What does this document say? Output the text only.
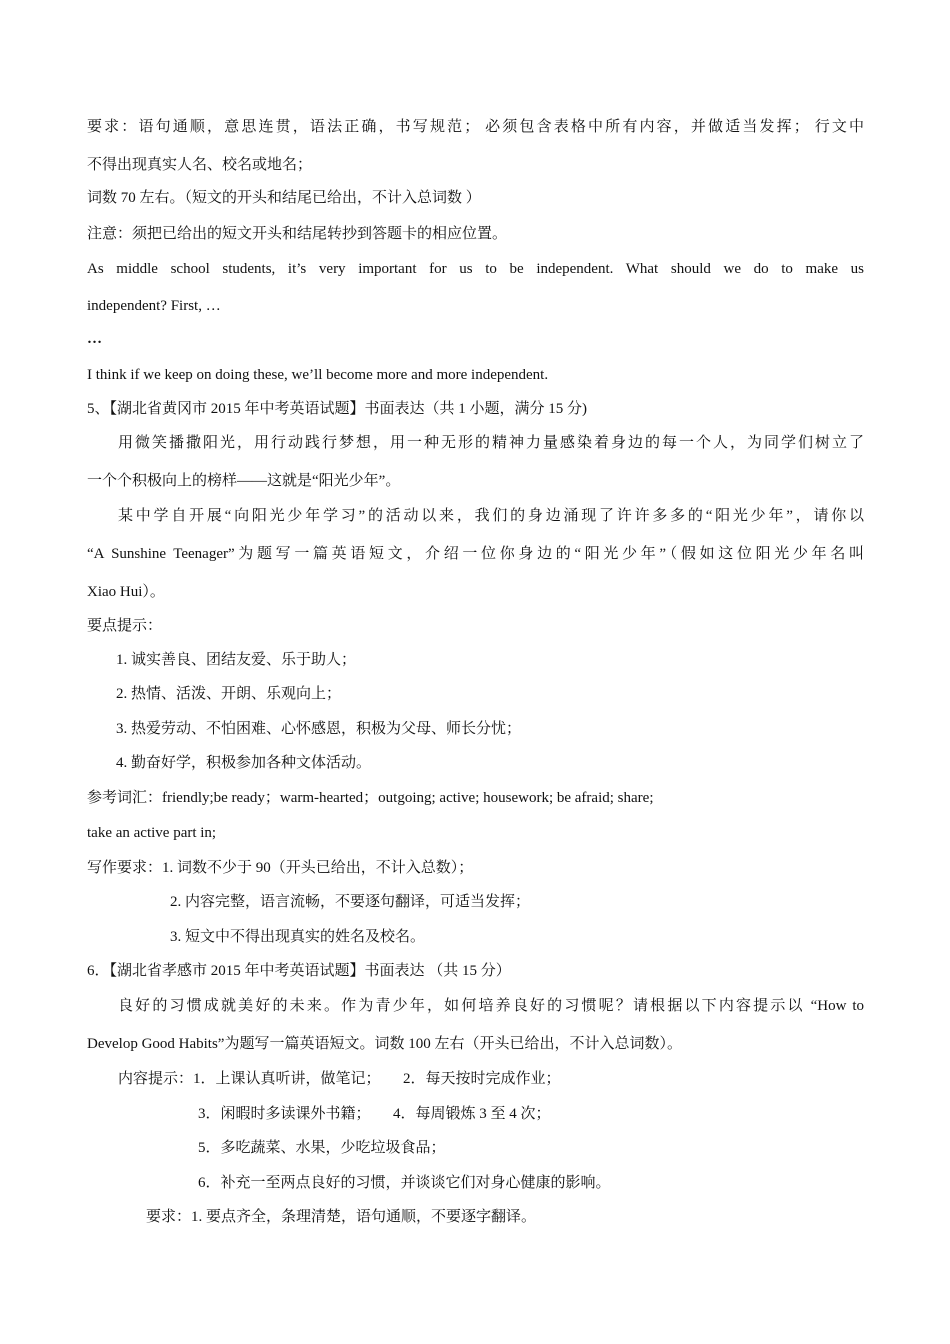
要求：语句通顺，意思连贯，语法正确，书写规范； 必须包含表格中所有内容，并做适当发挥； 行文中
不得出现真实人名、校名或地名；
词数 70 左右。（短文的开头和结尾已给出，不计入总词数 ）
注意：须把已给出的短文开头和结尾转抄到答题卡的相应位置。
As middle school students, it’s very important for us to be independent. What should we do to make us
independent? First, …
…
I think if we keep on doing these, we’ll become more and more independent.
5、【湖北省黄冈市 2015 年中考英语试题】书面表达（共 1 小题，满分 15 分)
用微笑播撒阳光，用行动践行梦想，用一种无形的精神力量感染着身边的每一个人，为同学们树立了
一个个积极向上的榜样——这就是“阳光少年”。
某中学自开展“向阳光少年学习”的活动以来，我们的身边涌现了许许多多的“阳光少年”，请你以
“A Sunshine Teenager”为题写一篇英语短文，介绍一位你身边的“阳光少年”（假如这位阳光少年名叫
Xiao Hui）。
要点提示：
1. 诚实善良、团结友爱、乐于助人；
2. 热情、活泼、开朗、乐观向上；
3. 热爱劳动、不怕困难、心怀感恩，积极为父母、师长分忧；
4. 勤奋好学，积极参加各种文体活动。
参考词汇：friendly;be ready；warm-hearted；outgoing; active; housework; be afraid; share;
take an active part in;
写作要求：1. 词数不少于 90（开头已给出，不计入总数）；
2. 内容完整，语言流畅，不要逐句翻译，可适当发挥；
3. 短文中不得出现真实的姓名及校名。
6．【湖北省孝感市 2015 年中考英语试题】书面表达 （共 15 分）
良好的习惯成就美好的未来。作为青少年，如何培养良好的习惯呢？请根据以下内容提示以 “How to
Develop Good Habits”为题写一篇英语短文。词数 100 左右（开头已给出，不计入总词数）。
内容提示：1．上课认真听讲，做笔记；　　2．每天按时完成作业；
3．闲暇时多读课外书籍；　　4．每周锻炼 3 至 4 次；
5．多吃蔬菜、水果，少吃垃圾食品；
6．补充一至两点良好的习惯，并谈谈它们对身心健康的影响。
要求：1. 要点齐全，条理清楚，语句通顺，不要逐字翻译。
